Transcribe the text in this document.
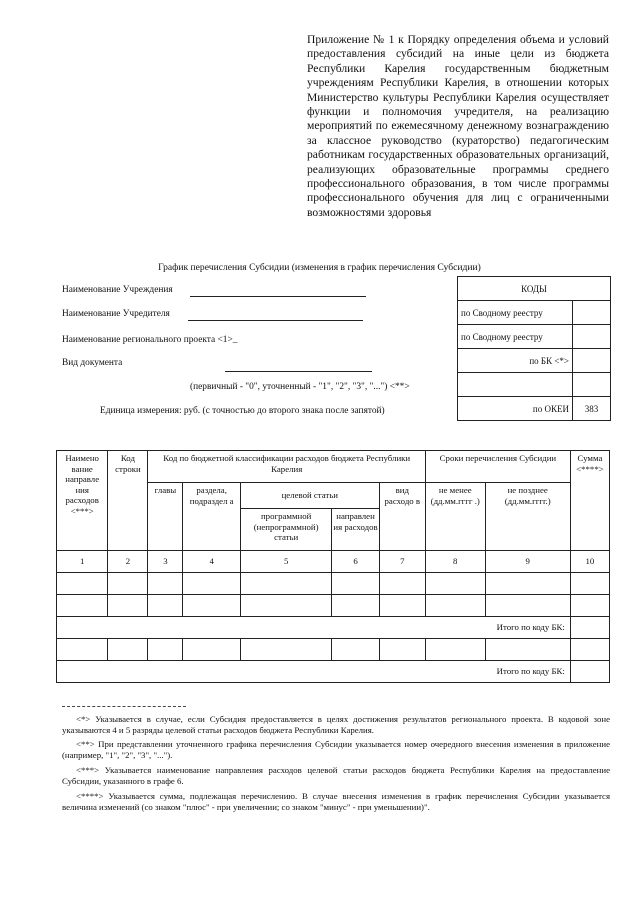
Приложение № 1 к Порядку определения объема и условий предоставления субсидий на иные цели из бюджета Республики Карелия государственным бюджетным учреждениям Республики Карелия, в отношении которых Министерство культуры Республики Карелия осуществляет функции и полномочия учредителя, на реализацию мероприятий по ежемесячному денежному вознаграждению за классное руководство (кураторство) педагогическим работникам государственных образовательных организаций, реализующих образовательные программы среднего профессионального образования, в том числе программы профессионального обучения для лиц с ограниченными возможностями здоровья
График перечисления Субсидии (изменения в график перечисления Субсидии)
Наименование Учреждения
Наименование Учредителя
Наименование регионального проекта <1>_
Вид документа
(первичный - "0", уточненный - "1", "2", "3", "...") <**>
Единица измерения: руб. (с точностью до второго знака после запятой)
КОДЫ	
по Сводному реестру	
по Сводному реестру	
по БК <*>	

по ОКЕИ	383
Наимено вание направле ния расходов <***>	Код строки	Код по бюджетной классификации расходов бюджета Республики Карелия					Сроки перечисления Субсидии		Сумма <****>
		главы	раздела, подраздел а	целевой статьи		вид расходо в	не менее (дд.мм.гггг .)	не позднее (дд.мм.гггг.)	
				программной (непрограммной) статьи	направлен ия расходов				
1	2	3	4	5	6	7	8	9	10

Итого по коду БК:									

Итого по коду БК:									
<*> Указывается в случае, если Субсидия предоставляется в целях достижения результатов регионального проекта. В кодовой зоне указываются 4 и 5 разряды целевой статьи расходов бюджета Республики Карелия.
<**> При представлении уточненного графика перечисления Субсидии указывается номер очередного внесения изменения в приложение (например, "1", "2", "3", "...").
<***> Указывается наименование направления расходов целевой статьи расходов бюджета Республики Карелия на предоставление Субсидии, указанного в графе 6.
<****> Указывается сумма, подлежащая перечислению. В случае внесения изменения в график перечисления Субсидии указывается величина изменений (со знаком "плюс" - при увеличении; со знаком "минус" - при уменьшении)".
